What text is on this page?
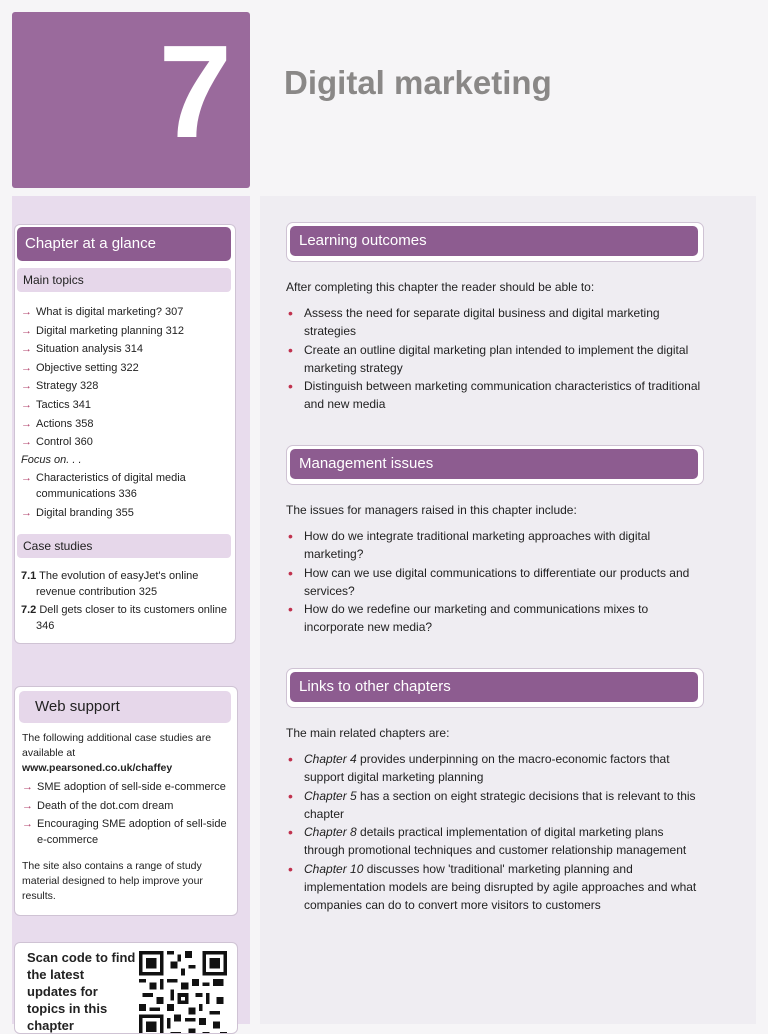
7 Digital marketing
Chapter at a glance
Main topics
→ What is digital marketing? 307
→ Digital marketing planning 312
→ Situation analysis 314
→ Objective setting 322
→ Strategy 328
→ Tactics 341
→ Actions 358
→ Control 360
Focus on. . .
→ Characteristics of digital media communications 336
→ Digital branding 355
Case studies
7.1 The evolution of easyJet's online revenue contribution 325
7.2 Dell gets closer to its customers online 346
Web support
The following additional case studies are available at
www.pearsoned.co.uk/chaffey
→ SME adoption of sell-side e-commerce
→ Death of the dot.com dream
→ Encouraging SME adoption of sell-side e-commerce
The site also contains a range of study material designed to help improve your results.
Scan code to find the latest updates for topics in this chapter
Learning outcomes
After completing this chapter the reader should be able to:
• Assess the need for separate digital business and digital marketing strategies
• Create an outline digital marketing plan intended to implement the digital marketing strategy
• Distinguish between marketing communication characteristics of traditional and new media
Management issues
The issues for managers raised in this chapter include:
• How do we integrate traditional marketing approaches with digital marketing?
• How can we use digital communications to differentiate our products and services?
• How do we redefine our marketing and communications mixes to incorporate new media?
Links to other chapters
The main related chapters are:
• Chapter 4 provides underpinning on the macro-economic factors that support digital marketing planning
• Chapter 5 has a section on eight strategic decisions that is relevant to this chapter
• Chapter 8 details practical implementation of digital marketing plans through promotional techniques and customer relationship management
• Chapter 10 discusses how 'traditional' marketing planning and implementation models are being disrupted by agile approaches and what companies can do to convert more visitors to customers
